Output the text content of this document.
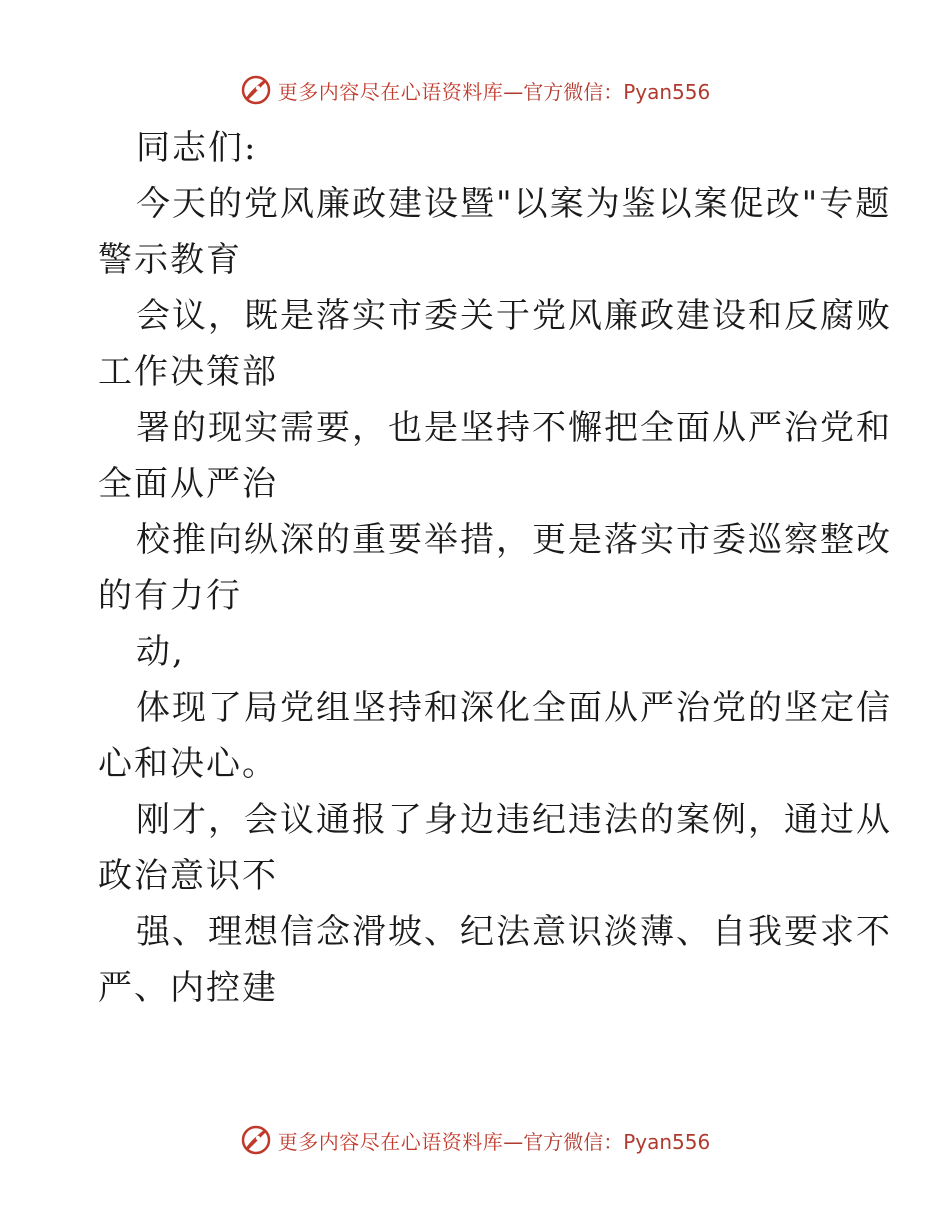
更多内容尽在心语资料库 —官方微信：Pyan556

同志们:

今天的党风廉政建设暨"以案为鉴以案促改"专题

警示教育

会议，既是落实市委关于党风廉政建设和反腐败

工作决策部

署的现实需要，也是坚持不懈把全面从严治党和

全面从严治

校推向纵深的重要举措，更是落实市委巡察整改

的有力行

动,

体现了局党组坚持和深化全面从严治党的坚定信

心和决心。

刚才，会议通报了身边违纪违法的案例，通过从

政治意识不

强、理想信念滑坡、纪法意识淡薄、自我要求不

严、内控建

更多内容尽在心语资料库 —官方微信：Pyan556
